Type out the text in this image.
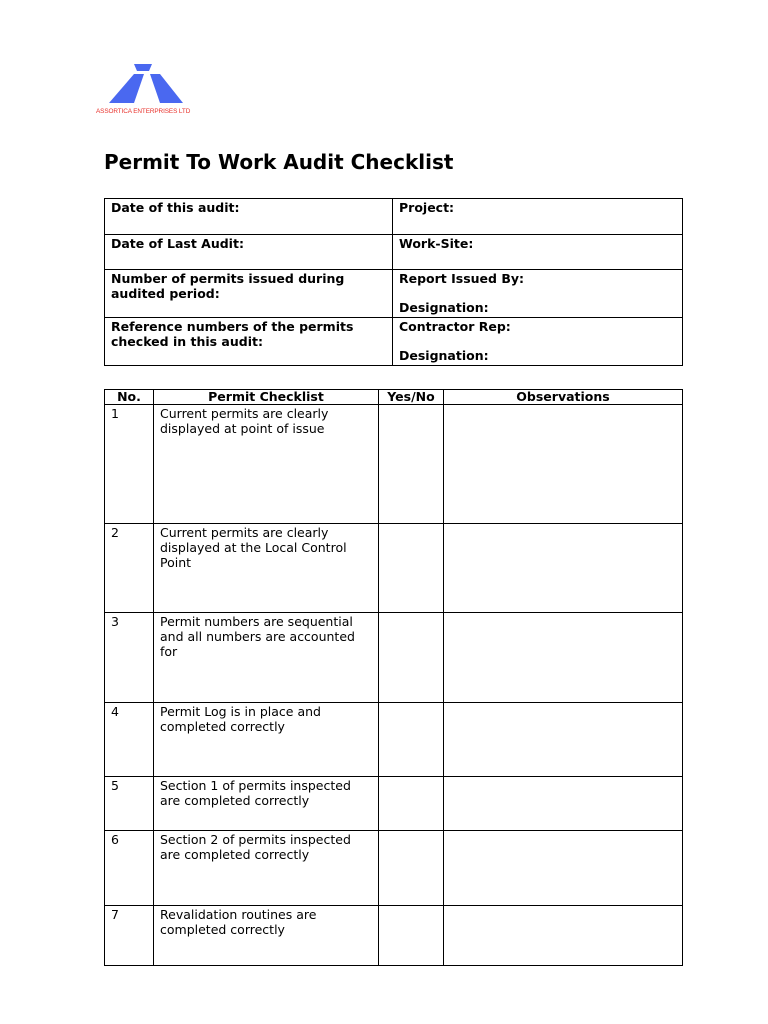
ASSORTICA ENTERPRISES LTD
Permit To Work Audit Checklist
Date of this audit:	Project:
Date of Last Audit:	Work-Site:
Number of permits issued during audited period:	Report Issued By:
Designation:
Reference numbers of the permits checked in this audit:	Contractor Rep:
Designation:
No.	Permit Checklist	Yes/No	Observations
1	Current permits are clearly displayed at point of issue		
2	Current permits are clearly displayed at the Local Control Point		
3	Permit numbers are sequential and all numbers are accounted for		
4	Permit Log is in place and completed correctly		
5	Section 1 of permits inspected are completed correctly		
6	Section 2 of permits inspected are completed correctly		
7	Revalidation routines are completed correctly		
